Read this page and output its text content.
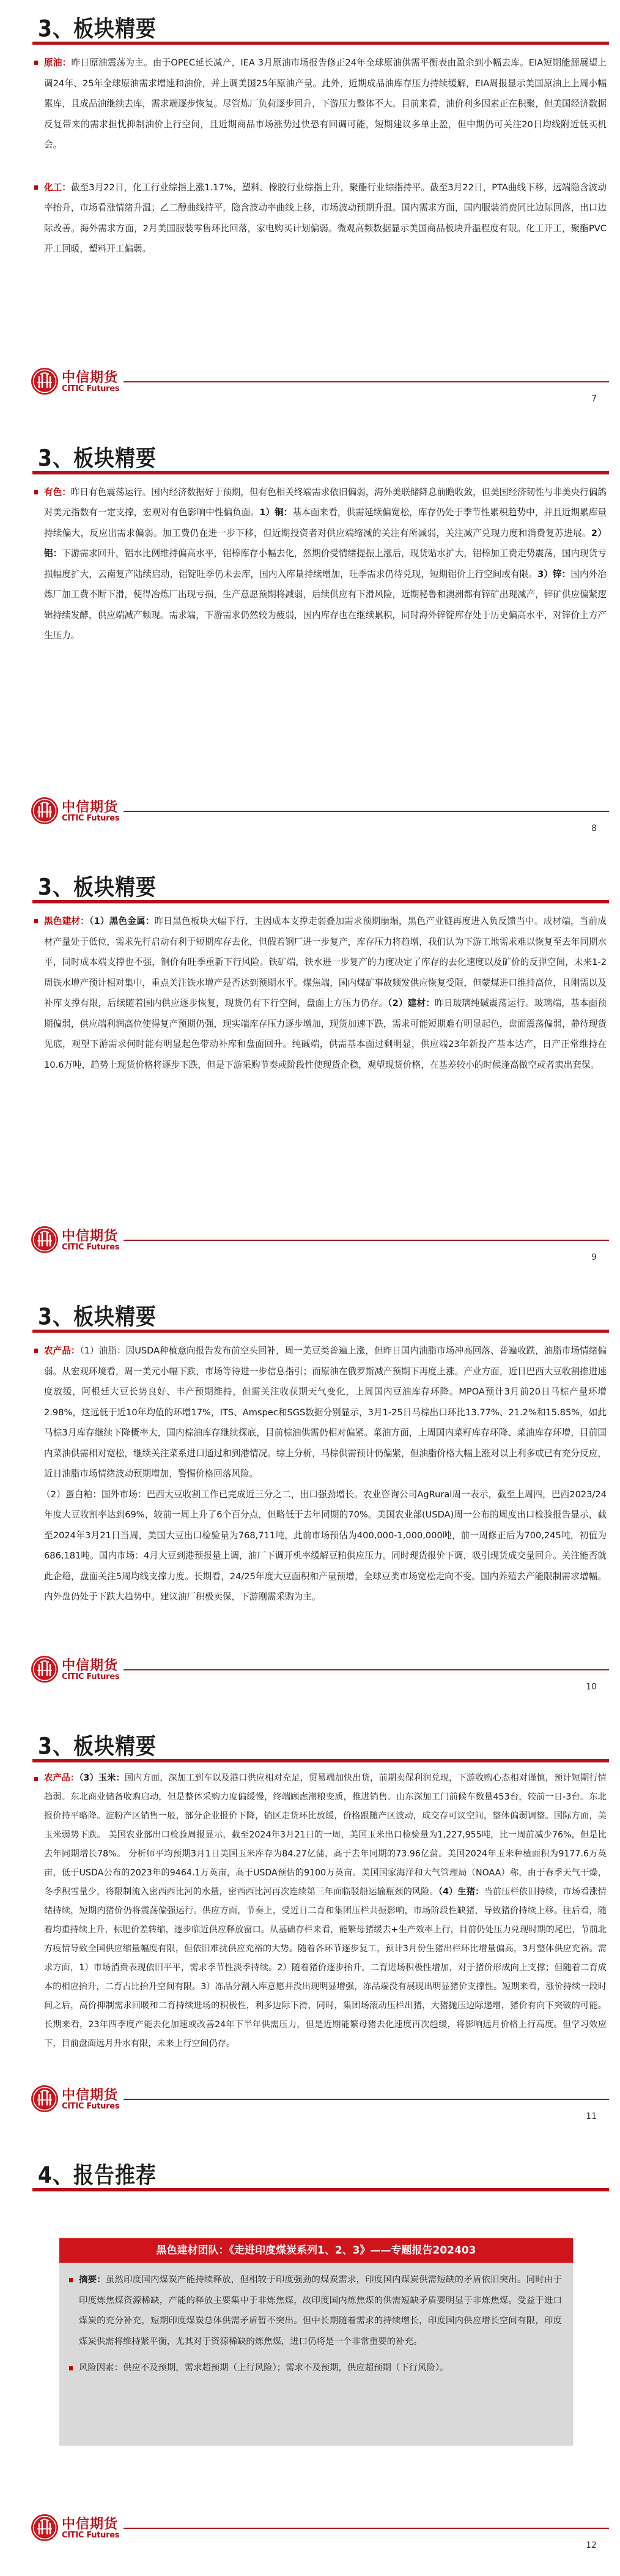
3、板块精要
原油：昨日原油震荡为主。由于OPEC延长减产，IEA 3月原油市场报告修正24年全球原油供需平衡表由盈余到小幅去库。EIA短期能源展望上调24年、25年全球原油需求增速和油价，并上调美国25年原油产量。此外，近期成品油库存压力持续缓解，EIA周报显示美国原油上上周小幅累库，且成品油继续去库，需求端逐步恢复。尽管炼厂负荷逐步回升，下游压力整体不大。目前来看，油价利多因素正在积聚，但美国经济数据反复带来的需求担忧抑制油价上行空间，且近期商品市场涨势过快恐有回调可能，短期建议多单止盈，但中期仍可关注20日均线附近低买机会。
化工：截至3月22日，化工行业综指上涨1.17%，塑料、橡胶行业综指上升，聚酯行业综指持平。截至3月22日，PTA曲线下移，远端隐含波动率抬升，市场看涨情绪升温；乙二醇曲线持平，隐含波动率曲线上移，市场波动预期升温。国内需求方面，国内服装消费同比边际回落，出口边际改善。海外需求方面，2月美国服装零售环比回落，家电购买计划偏弱。微观高频数据显示美国商品板块升温程度有限。化工开工，聚酯PVC开工回暖，塑料开工偏弱。
中信期货
CITIC Futures
7
3、板块精要
有色：昨日有色震荡运行。国内经济数据好于预期，但有色相关终端需求依旧偏弱，海外美联储降息前瞻收敛，但美国经济韧性与非美央行偏鸽对美元指数有一定支撑，宏观对有色影响中性偏负面。1）铜：基本面来看，供需延续偏宽松，库存仍处于季节性累积趋势中，并且近期累库量持续偏大，反应出需求偏弱。加工费仍在进一步下移，但近期投资者对供应端缩减的关注有所减弱，关注减产兑现力度和消费复苏进展。2）铝：下游需求回升，铝水比例维持偏高水平，铝棒库存小幅去化，然期价受情绪提振上涨后，现货贴水扩大，铝棒加工费走势震荡，国内现货亏损幅度扩大，云南复产陆续启动，铝锭旺季仍未去库，国内入库量持续增加，旺季需求仍待兑现，短期铝价上行空间或有限。3）锌：国内外冶炼厂加工费不断下滑，使得冶炼厂出现亏损，生产意愿预期将减弱，后续供应有下滑风险，近期秘鲁和澳洲都有锌矿出现减产，锌矿供应偏紧逻辑持续发酵，供应端减产频现。需求端，下游需求仍然较为疲弱，国内库存也在继续累积，同时海外锌锭库存处于历史偏高水平，对锌价上方产生压力。
中信期货
CITIC Futures
8
3、板块精要
黑色建材：（1）黑色金属：昨日黑色板块大幅下行，主因成本支撑走弱叠加需求预期崩塌，黑色产业链再度进入负反馈当中。成材端，当前成材产量处于低位，需求先行启动有利于短期库存去化，但假若钢厂进一步复产，库存压力将趋增，我们认为下游工地需求难以恢复至去年同期水平，同时成本端支撑也不强，钢价有旺季重新下行风险。铁矿端，铁水进一步复产的力度决定了库存的去化速度以及矿价的反弹空间，未来1-2周铁水增产预计相对集中，重点关注铁水增产是否达到预期水平。煤焦端，国内煤矿事故频发供应恢复受限，但蒙煤进口维持高位，且刚需以及补库支撑有限，后续随着国内供应逐步恢复，现货仍有下行空间，盘面上方压力仍存。（2）建材：昨日玻璃纯碱震荡运行。玻璃端，基本面预期偏弱，供应端利润高位使得复产预期仍强，现实端库存压力逐步增加，现货加速下跌，需求可能短期难有明显起色，盘面震荡偏弱，静待现货见底，观望下游需求何时能有明显起色带动补库和盘面回升。纯碱端，供需基本面过剩明显，供应端23年新投产基本达产，日产正常维持在10.6万吨，趋势上现货价格将逐步下跌，但是下游采购节奏或阶段性使现货企稳，观望现货价格，在基差较小的时候逢高做空或者卖出套保。
中信期货
CITIC Futures
9
3、板块精要
农产品：（1）油脂：因USDA种植意向报告发布前空头回补，周一美豆类普遍上涨，但昨日国内油脂市场冲高回落、普遍收跌，油脂市场情绪偏弱。从宏观环境看，周一美元小幅下跌，市场等待进一步信息指引；而原油在俄罗斯减产预期下再度上涨。产业方面，近日巴西大豆收割推进速度放缓，阿根廷大豆长势良好、丰产预期维持，但需关注收获期天气变化，上周国内豆油库存环降。MPOA预计3月前20日马棕产量环增2.98%，这远低于近10年均值的环增17%，ITS、Amspec和SGS数据分别显示，3月1-25日马棕出口环比13.77%、21.2%和15.85%，如此马棕3月库存继续下降概率大，国内棕油库存继续探底，目前棕油供需仍相对偏紧。菜油方面，上周国内菜籽库存环降、菜油库存环增，目前国内菜油供需相对宽松，继续关注菜系进口通过和到港情况。综上分析，马棕供需预计仍偏紧，但油脂价格大幅上涨对以上利多或已有充分反应，近日油脂市场情绪波动预期增加，警惕价格回落风险。
（2）蛋白粕：国外市场：巴西大豆收割工作已完成近三分之二，出口强劲增长。农业咨询公司AgRural周一表示，截至上周四，巴西2023/24年度大豆收割率达到69%，较前一周上升了6个百分点，但略低于去年同期的70%。美国农业部(USDA)周一公布的周度出口检验报告显示，截至2024年3月21日当周，美国大豆出口检验量为768,711吨，此前市场预估为400,000-1,000,000吨，前一周修正后为700,245吨，初值为686,181吨。国内市场：4月大豆到港预报量上调，油厂下调开机率缓解豆粕供应压力。同时现货报价下调，吸引现货成交量回升。关注能否就此企稳，盘面关注5周均线支撑力度。长期看，24/25年度大豆面积和产量预增，全球豆类市场宽松走向不变。国内养殖去产能限制需求增幅。内外盘仍处于下跌大趋势中。建议油厂积极卖保，下游刚需采购为主。
中信期货
CITIC Futures
10
3、板块精要
农产品：（3）玉米：国内方面，深加工到车以及港口供应相对充足，贸易端加快出货，前期卖保利润兑现，下游收购心态相对谨慎，预计短期行情趋弱。东北商业储备收购启动，但是整体采购力度偏缓慢，终端顾虑潮粮变质，推进销售。山东深加工门前候车数量453台，较前一日-3台。东北报价持平略降。淀粉产区销售一般，部分企业报价下降，销区走货环比放缓，价格跟随产区波动，成交存可议空间，整体偏弱调整。国际方面，美玉米弱势下跌。 美国农业部出口检验周报显示，截至2024年3月21日的一周，美国玉米出口检验量为1,227,955吨，比一周前减少76%，但是比去年同期增长78%。 分析师平均预期3月1日美国玉米库存为84.27亿蒲，高于去年同期的73.96亿蒲。美国2024年玉米种植面积为9177.6万英亩，低于USDA公布的2023年的9464.1万英亩，高于USDA预估的9100万英亩。美国国家海洋和大气管理局（NOAA）称，由于春季天气干燥，冬季积雪量少，将限制流入密西西比河的水量，密西西比河再次连续第三年面临驳船运输瓶颈的风险。（4）生猪：当前压栏依旧持续，市场看涨情绪持续，短期内猪价仍将震荡偏强运行。供应方面，节奏上，受近日二育和集团压栏共振影响，市场阶段性缺猪，导致猪价持续上移。往后看，随着均重持续上升，标肥价差转缩，逐步临近供应释放窗口。从基础存栏来看，能繁母猪缓去+生产效率上行，目前仍处压力兑现时期的尾巴，节前北方疫情导致全国供应缩量幅度有限，但依旧难扰供应充裕的大势。随着各环节逐步复工，预计3月份生猪出栏环比增量偏高，3月整体供应充裕。需求方面，1）市场消费表现依旧平平，需求季节性淡季持续。2）随着猪价逐步抬升，二育进场积极性增加，对于猪价形成向上支撑；但随着二育成本的相应抬升，二育占比抬升空间有限。3）冻品分割入库意愿并没出现明显增强，冻品端没有展现出明显猪价支撑性。短期来看，涨价持续一段时间之后，高价抑制需求回暖和二育持续进场的积极性，利多边际下滑，同时，集团场滚动压栏出猪，大猪抛压边际递增，猪价有向下突破的可能。长期来看，23年四季度产能去化加速或改善24年下半年供需压力，但是近期能繁母猪去化速度再次趋缓，将影响远月价格上行高度。但学习效应下，目前盘面远月升水有限，未来上行空间仍存。
中信期货
CITIC Futures
11
4、报告推荐
中信期货
CITIC Futures
12
黑色建材团队：《走进印度煤炭系列1、2、3》——专题报告202403
摘要：虽然印度国内煤炭产能持续释放，但相较于印度强劲的煤炭需求，印度国内煤炭供需短缺的矛盾依旧突出。同时由于印度炼焦煤资源稀缺，产能的释放主要集中于非炼焦煤，故印度国内炼焦煤的供需短缺矛盾要明显于非炼焦煤。受益于进口煤炭的充分补充，短期印度煤炭总体供需矛盾暂不突出。但中长期随着需求的持续增长，印度国内供应增长空间有限，印度煤炭供需将维持紧平衡，尤其对于资源稀缺的炼焦煤，进口仍将是一个非常重要的补充。
风险因素：供应不及预期，需求超预期（上行风险）；需求不及预期，供应超预期（下行风险）。
